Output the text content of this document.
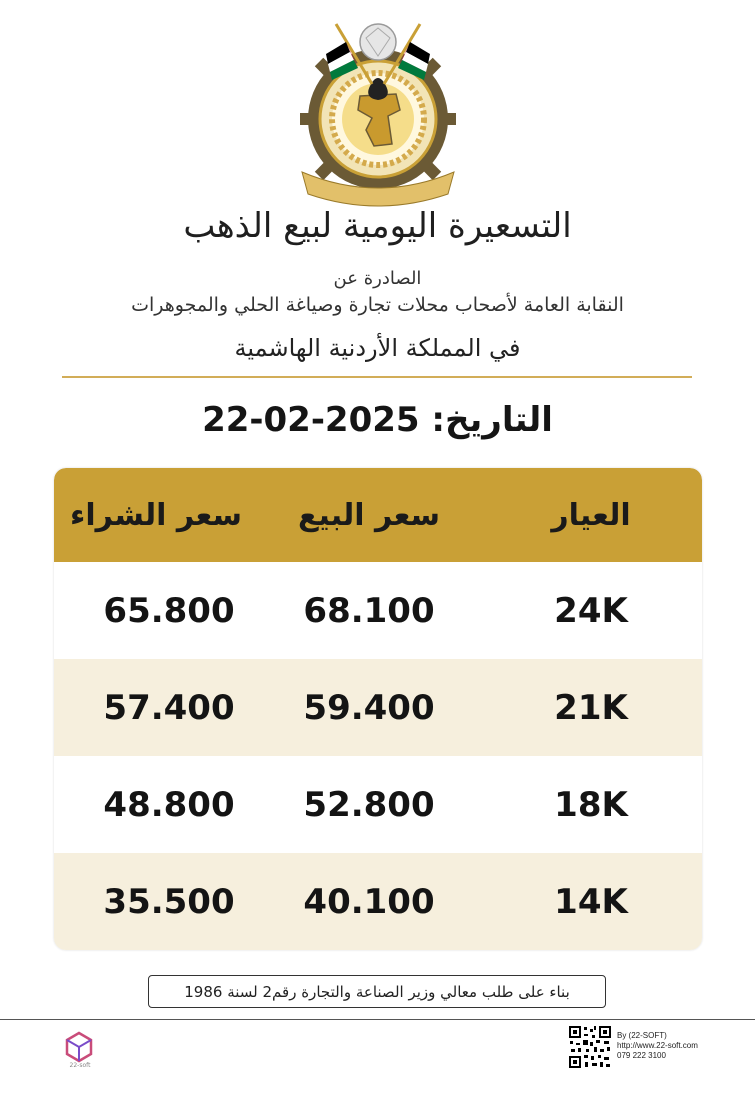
التسعيرة اليومية لبيع الذهب
الصادرة عن
النقابة العامة لأصحاب محلات تجارة وصياغة الحلي والمجوهرات
في المملكة الأردنية الهاشمية
التاريخ: 22-02-2025
العيار
سعر البيع
سعر الشراء
24K
68.100
65.800
21K
59.400
57.400
18K
52.800
48.800
14K
40.100
35.500
بناء على طلب معالي وزير الصناعة والتجارة رقم2 لسنة 1986
22-soft
By (22-SOFT)
http://www.22-soft.com
079 222 3100
